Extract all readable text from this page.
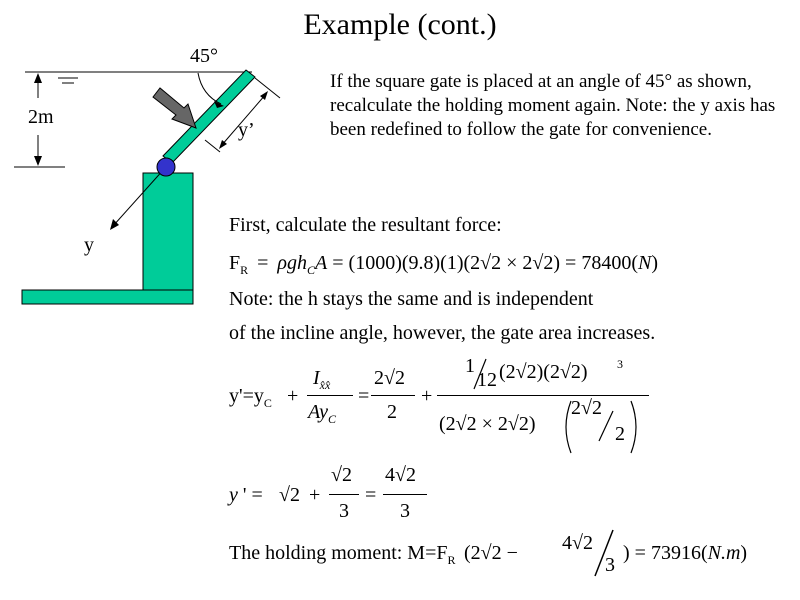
Example (cont.)
45°
2m
y’
y
If the square gate is placed at an angle of 45° as shown, recalculate the holding moment again. Note: the y axis has been redefined to follow the gate for convenience.
First, calculate the resultant force:
$F_R = \rho gh_CA = (1000)(9.8)(1)(2√2 \times 2√2) = 78400(N)$
Note: the h stays the same and is independent
of the incline angle, however, the gate area increases.
$y'=y_C$ +
$I_{x̂x̂}$
$Ay_C$
=
2√2
2
+
1
12 (2√2)(2√2) 3
(2√2 × 2√2)
2√2
2
y ' = √2 +
√2
3
=
4√2
3
The holding moment: $M=F_R$ (2√2 − 4√2
3
) = 73916(N.m)
